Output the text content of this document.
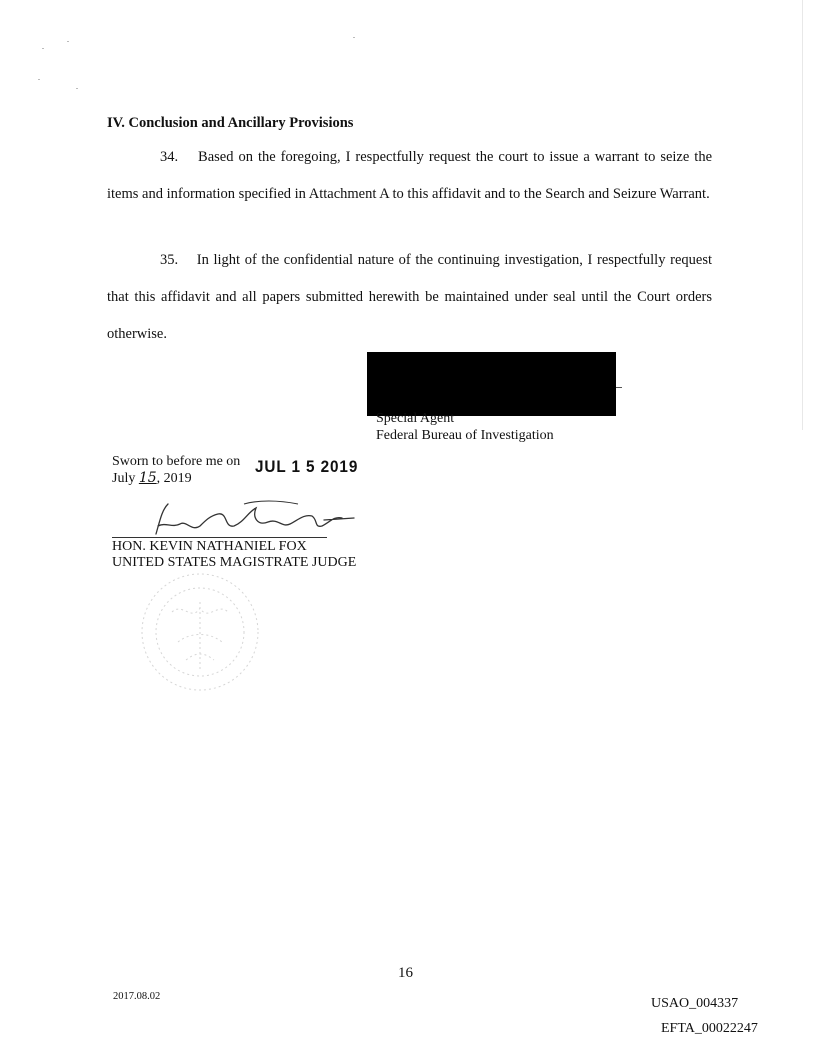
IV. Conclusion and Ancillary Provisions
34. Based on the foregoing, I respectfully request the court to issue a warrant to seize the items and information specified in Attachment A to this affidavit and to the Search and Seizure Warrant.
35. In light of the confidential nature of the continuing investigation, I respectfully request that this affidavit and all papers submitted herewith be maintained under seal until the Court orders otherwise.
Special Agent
Federal Bureau of Investigation
Sworn to before me on
July 15, 2019
JUL 1 5 2019
HON. KEVIN NATHANIEL FOX
UNITED STATES MAGISTRATE JUDGE
16
2017.08.02	USAO_004337
EFTA_00022247
